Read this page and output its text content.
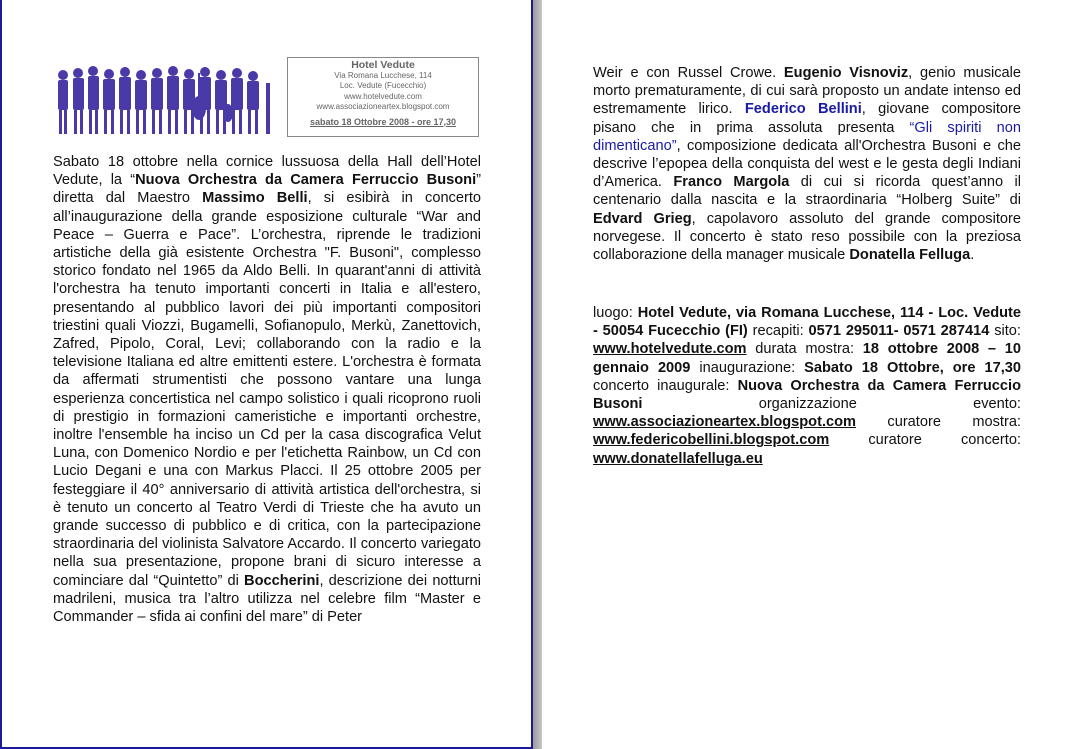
Hotel Vedute
Via Romana Lucchese, 114
Loc. Vedute (Fucecchio)
www.hotelvedute.com
www.associazioneartex.blogspot.com
sabato 18 Ottobre 2008 - ore 17,30
Sabato 18 ottobre nella cornice lussuosa della Hall dell’Hotel Vedute, la “Nuova Orchestra da Camera Ferruccio Busoni” diretta dal Maestro Massimo Belli, si esibirà in concerto all’inaugurazione della grande esposizione culturale “War and Peace – Guerra e Pace”. L’orchestra, riprende le tradizioni artistiche della già esistente Orchestra "F. Busoni", complesso storico fondato nel 1965 da Aldo Belli. In quarant'anni di attività l'orchestra ha tenuto importanti concerti in Italia e all'estero, presentando al pubblico lavori dei più importanti compositori triestini quali Viozzi, Bugamelli, Sofianopulo, Merkù, Zanettovich, Zafred, Pipolo, Coral, Levi; collaborando con la radio e la televisione Italiana ed altre emittenti estere. L'orchestra è formata da affermati strumentisti che possono vantare una lunga esperienza concertistica nel campo solistico i quali ricoprono ruoli di prestigio in formazioni cameristiche e importanti orchestre, inoltre l'ensemble ha inciso un Cd per la casa discografica Velut Luna, con Domenico Nordio e per l'etichetta Rainbow, un Cd con Lucio Degani e una con Markus Placci. Il 25 ottobre 2005 per festeggiare il 40° anniversario di attività artistica dell'orchestra, si è tenuto un concerto al Teatro Verdi di Trieste che ha avuto un grande successo di pubblico e di critica, con la partecipazione straordinaria del violinista Salvatore Accardo. Il concerto variegato nella sua presentazione, propone brani di sicuro interesse a cominciare dal “Quintetto” di Boccherini, descrizione dei notturni madrileni, musica tra l’altro utilizza nel celebre film “Master e Commander – sfida ai confini del mare” di Peter
Weir e con Russel Crowe. Eugenio Visnoviz, genio musicale morto prematuramente, di cui sarà proposto un andate intenso ed estremamente lirico. Federico Bellini, giovane compositore pisano che in prima assoluta presenta “Gli spiriti non dimenticano”, composizione dedicata all'Orchestra Busoni e che descrive l’epopea della conquista del west e le gesta degli Indiani d’America. Franco Margola di cui si ricorda quest’anno il centenario dalla nascita e la straordinaria “Holberg Suite” di Edvard Grieg, capolavoro assoluto del grande compositore norvegese. Il concerto è stato reso possibile con la preziosa collaborazione della manager musicale Donatella Felluga.
luogo: Hotel Vedute, via Romana Lucchese, 114 - Loc. Vedute - 50054 Fucecchio (FI) recapiti: 0571 295011- 0571 287414 sito: www.hotelvedute.com durata mostra: 18 ottobre 2008 – 10 gennaio 2009 inaugurazione: Sabato 18 Ottobre, ore 17,30 concerto inaugurale: Nuova Orchestra da Camera Ferruccio Busoni organizzazione evento: www.associazioneartex.blogspot.com curatore mostra: www.federicobellini.blogspot.com curatore concerto: www.donatellafelluga.eu
